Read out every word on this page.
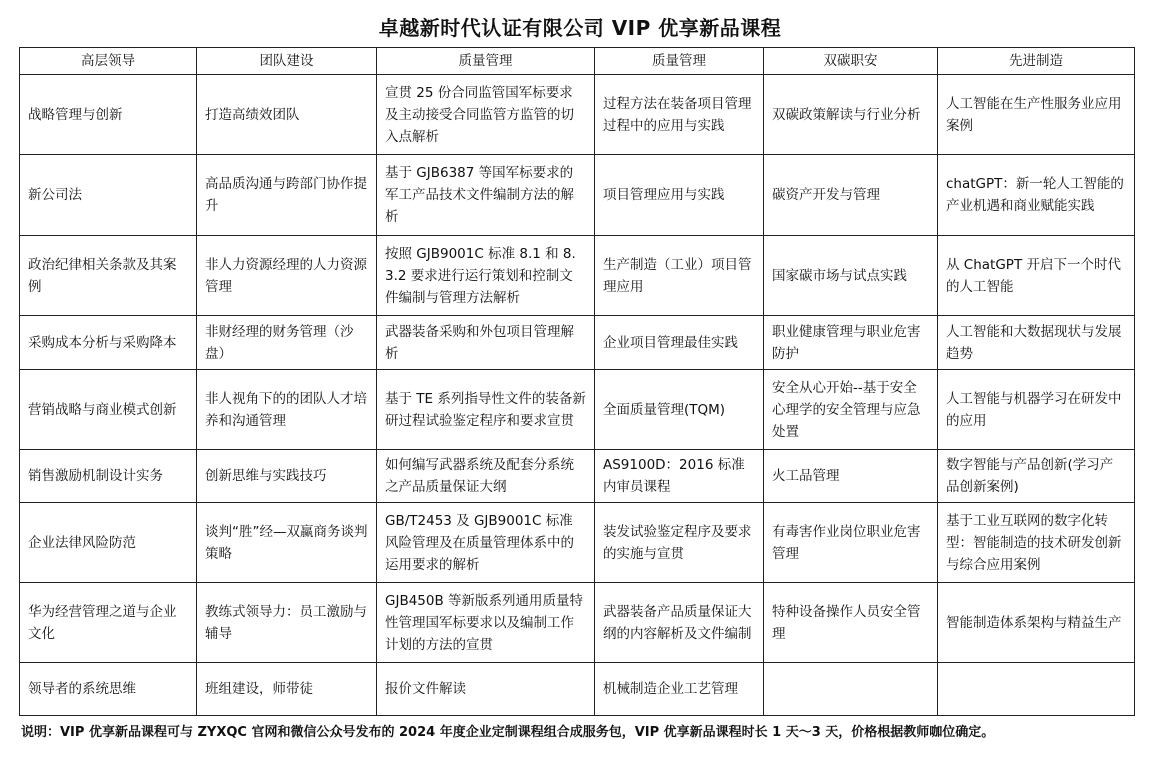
卓越新时代认证有限公司 VIP 优享新品课程
高层领导	团队建设	质量管理	质量管理	双碳职安	先进制造
战略管理与创新	打造高绩效团队	宣贯 25 份合同监管国军标要求及主动接受合同监管方监管的切入点解析	过程方法在装备项目管理过程中的应用与实践	双碳政策解读与行业分析	人工智能在生产性服务业应用案例
新公司法	高品质沟通与跨部门协作提升	基于 GJB6387 等国军标要求的军工产品技术文件编制方法的解析	项目管理应用与实践	碳资产开发与管理	chatGPT：新一轮人工智能的产业机遇和商业赋能实践
政治纪律相关条款及其案例	非人力资源经理的人力资源管理	按照 GJB9001C 标准 8.1 和 8.3.2 要求进行运行策划和控制文件编制与管理方法解析	生产制造（工业）项目管理应用	国家碳市场与试点实践	从 ChatGPT 开启下一个时代的人工智能
采购成本分析与采购降本	非财经理的财务管理（沙盘）	武器装备采购和外包项目管理解析	企业项目管理最佳实践	职业健康管理与职业危害防护	人工智能和大数据现状与发展趋势
营销战略与商业模式创新	非人视角下的的团队人才培养和沟通管理	基于 TE 系列指导性文件的装备新研过程试验鉴定程序和要求宣贯	全面质量管理(TQM)	安全从心开始--基于安全心理学的安全管理与应急处置	人工智能与机器学习在研发中的应用
销售激励机制设计实务	创新思维与实践技巧	如何编写武器系统及配套分系统之产品质量保证大纲	AS9100D：2016 标准内审员课程	火工品管理	数字智能与产品创新(学习产品创新案例)
企业法律风险防范	谈判“胜”经—双赢商务谈判策略	GB/T2453 及 GJB9001C 标准风险管理及在质量管理体系中的运用要求的解析	装发试验鉴定程序及要求的实施与宣贯	有毒害作业岗位职业危害管理	基于工业互联网的数字化转型：智能制造的技术研发创新与综合应用案例
华为经营管理之道与企业文化	教练式领导力：员工激励与辅导	GJB450B 等新版系列通用质量特性管理国军标要求以及编制工作计划的方法的宣贯	武器装备产品质量保证大纲的内容解析及文件编制	特种设备操作人员安全管理	智能制造体系架构与精益生产
领导者的系统思维	班组建设，师带徒	报价文件解读	机械制造企业工艺管理		
说明：VIP 优享新品课程可与 ZYXQC 官网和微信公众号发布的 2024 年度企业定制课程组合成服务包，VIP 优享新品课程时长 1 天～3 天，价格根据教师咖位确定。
